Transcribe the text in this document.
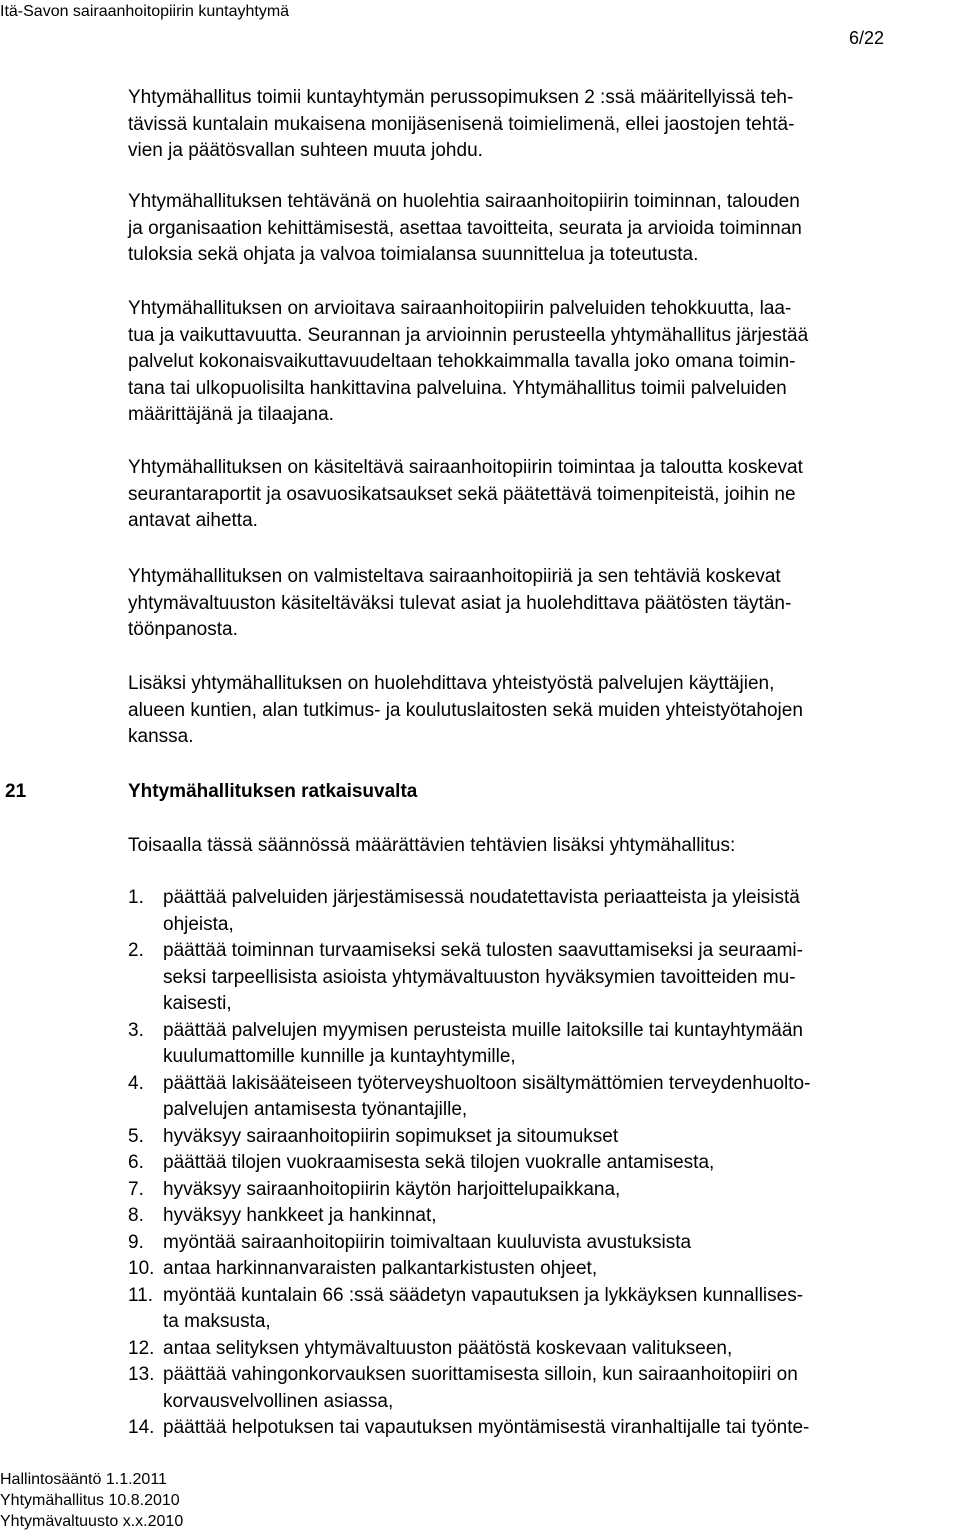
Itä-Savon sairaanhoitopiirin kuntayhtymä
6/22

Yhtymähallitus toimii kuntayhtymän perussopimuksen 2 :ssä määritellyissä teh-
tävissä kuntalain mukaisena monijäsenisenä toimielimenä, ellei jaostojen tehtä-
vien ja päätösvallan suhteen muuta johdu.

Yhtymähallituksen tehtävänä on huolehtia sairaanhoitopiirin toiminnan, talouden
ja organisaation kehittämisestä, asettaa tavoitteita, seurata ja arvioida toiminnan
tuloksia sekä ohjata ja valvoa toimialansa suunnittelua ja toteutusta.

Yhtymähallituksen on arvioitava sairaanhoitopiirin palveluiden tehokkuutta, laa-
tua ja vaikuttavuutta. Seurannan ja arvioinnin perusteella yhtymähallitus järjestää
palvelut kokonaisvaikuttavuudeltaan tehokkaimmalla tavalla joko omana toimin-
tana tai ulkopuolisilta hankittavina palveluina. Yhtymähallitus toimii palveluiden
määrittäjänä ja tilaajana.

Yhtymähallituksen on käsiteltävä sairaanhoitopiirin toimintaa ja taloutta koskevat
seurantaraportit ja osavuosikatsaukset sekä päätettävä toimenpiteistä, joihin ne
antavat aihetta.

Yhtymähallituksen on valmisteltava sairaanhoitopiiriä ja sen tehtäviä koskevat
yhtymävaltuuston käsiteltäväksi tulevat asiat ja huolehdittava päätösten täytän-
töönpanosta.

Lisäksi yhtymähallituksen on huolehdittava yhteistyöstä palvelujen käyttäjien,
alueen kuntien, alan tutkimus- ja koulutuslaitosten sekä muiden yhteistyötahojen
kanssa.

21	Yhtymähallituksen ratkaisuvalta
Toisaalla tässä säännössä määrättävien tehtävien lisäksi yhtymähallitus:
1. päättää palveluiden järjestämisessä noudatettavista periaatteista ja yleisistä
ohjeista,
2. päättää toiminnan turvaamiseksi sekä tulosten saavuttamiseksi ja seuraami-
seksi tarpeellisista asioista yhtymävaltuuston hyväksymien tavoitteiden mu-
kaisesti,
3. päättää palvelujen myymisen perusteista muille laitoksille tai kuntayhtymään
kuulumattomille kunnille ja kuntayhtymille,
4. päättää lakisääteiseen työterveyshuoltoon sisältymättömien terveydenhuolto-
palvelujen antamisesta työnantajille,
5. hyväksyy sairaanhoitopiirin sopimukset ja sitoumukset
6. päättää tilojen vuokraamisesta sekä tilojen vuokralle antamisesta,
7. hyväksyy sairaanhoitopiirin käytön harjoittelupaikkana,
8. hyväksyy hankkeet ja hankinnat,
9. myöntää sairaanhoitopiirin toimivaltaan kuuluvista avustuksista
10. antaa harkinnanvaraisten palkantarkistusten ohjeet,
11. myöntää kuntalain 66 :ssä säädetyn vapautuksen ja lykkäyksen kunnallises-
ta maksusta,
12. antaa selityksen yhtymävaltuuston päätöstä koskevaan valitukseen,
13. päättää vahingonkorvauksen suorittamisesta silloin, kun sairaanhoitopiiri on
korvausvelvollinen asiassa,
14. päättää helpotuksen tai vapautuksen myöntämisestä viranhaltijalle tai työnte-
Hallintosääntö 1.1.2011
Yhtymähallitus 10.8.2010
Yhtymävaltuusto x.x.2010
